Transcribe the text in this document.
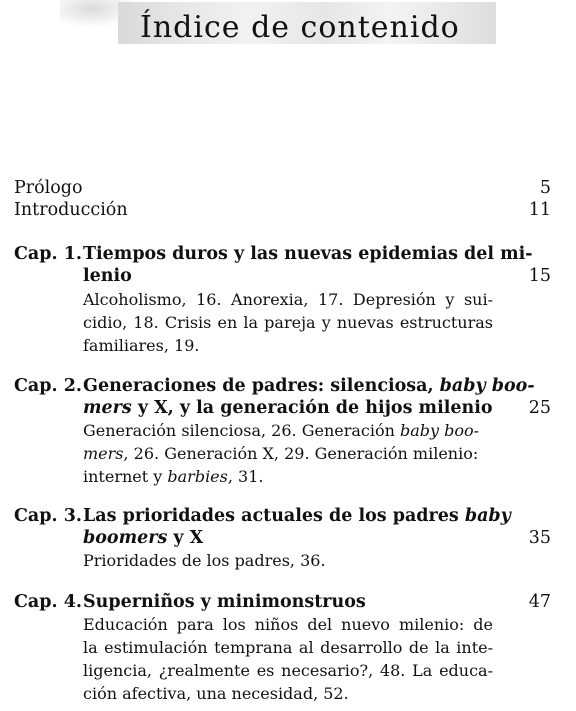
Índice de contenido
Prólogo	5
Introducción	11
Cap. 1. Tiempos duros y las nuevas epidemias del mi-
lenio	15
Alcoholismo, 16. Anorexia, 17. Depresión y sui-
cidio, 18. Crisis en la pareja y nuevas estructuras
familiares, 19.
Cap. 2. Generaciones de padres: silenciosa, baby boo-
mers y X, y la generación de hijos milenio 25
Generación silenciosa, 26. Generación baby boo-
mers, 26. Generación X, 29. Generación milenio:
internet y barbies, 31.
Cap. 3. Las prioridades actuales de los padres baby
boomers y X	35
Prioridades de los padres, 36.
Cap. 4. Superniños y minimonstruos	47
Educación para los niños del nuevo milenio: de
la estimulación temprana al desarrollo de la inte-
ligencia, ¿realmente es necesario?, 48. La educa-
ción afectiva, una necesidad, 52.
